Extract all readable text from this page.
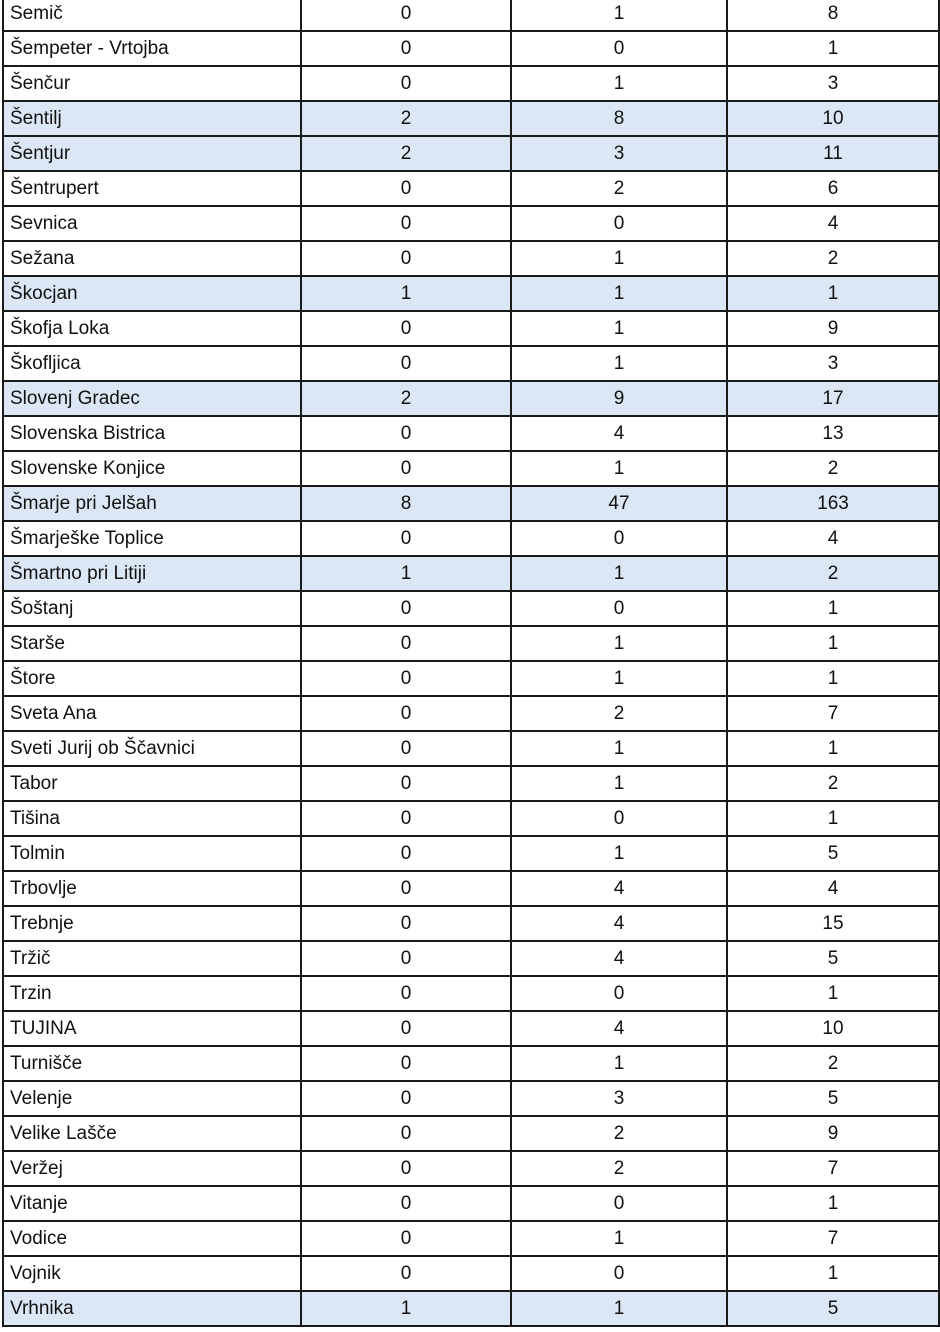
Semič	0	1	8
Šempeter - Vrtojba	0	0	1
Šenčur	0	1	3
Šentilj	2	8	10
Šentjur	2	3	11
Šentrupert	0	2	6
Sevnica	0	0	4
Sežana	0	1	2
Škocjan	1	1	1
Škofja Loka	0	1	9
Škofljica	0	1	3
Slovenj Gradec	2	9	17
Slovenska Bistrica	0	4	13
Slovenske Konjice	0	1	2
Šmarje pri Jelšah	8	47	163
Šmarješke Toplice	0	0	4
Šmartno pri Litiji	1	1	2
Šoštanj	0	0	1
Starše	0	1	1
Štore	0	1	1
Sveta Ana	0	2	7
Sveti Jurij ob Ščavnici	0	1	1
Tabor	0	1	2
Tišina	0	0	1
Tolmin	0	1	5
Trbovlje	0	4	4
Trebnje	0	4	15
Tržič	0	4	5
Trzin	0	0	1
TUJINA	0	4	10
Turnišče	0	1	2
Velenje	0	3	5
Velike Lašče	0	2	9
Veržej	0	2	7
Vitanje	0	0	1
Vodice	0	1	7
Vojnik	0	0	1
Vrhnika	1	1	5
